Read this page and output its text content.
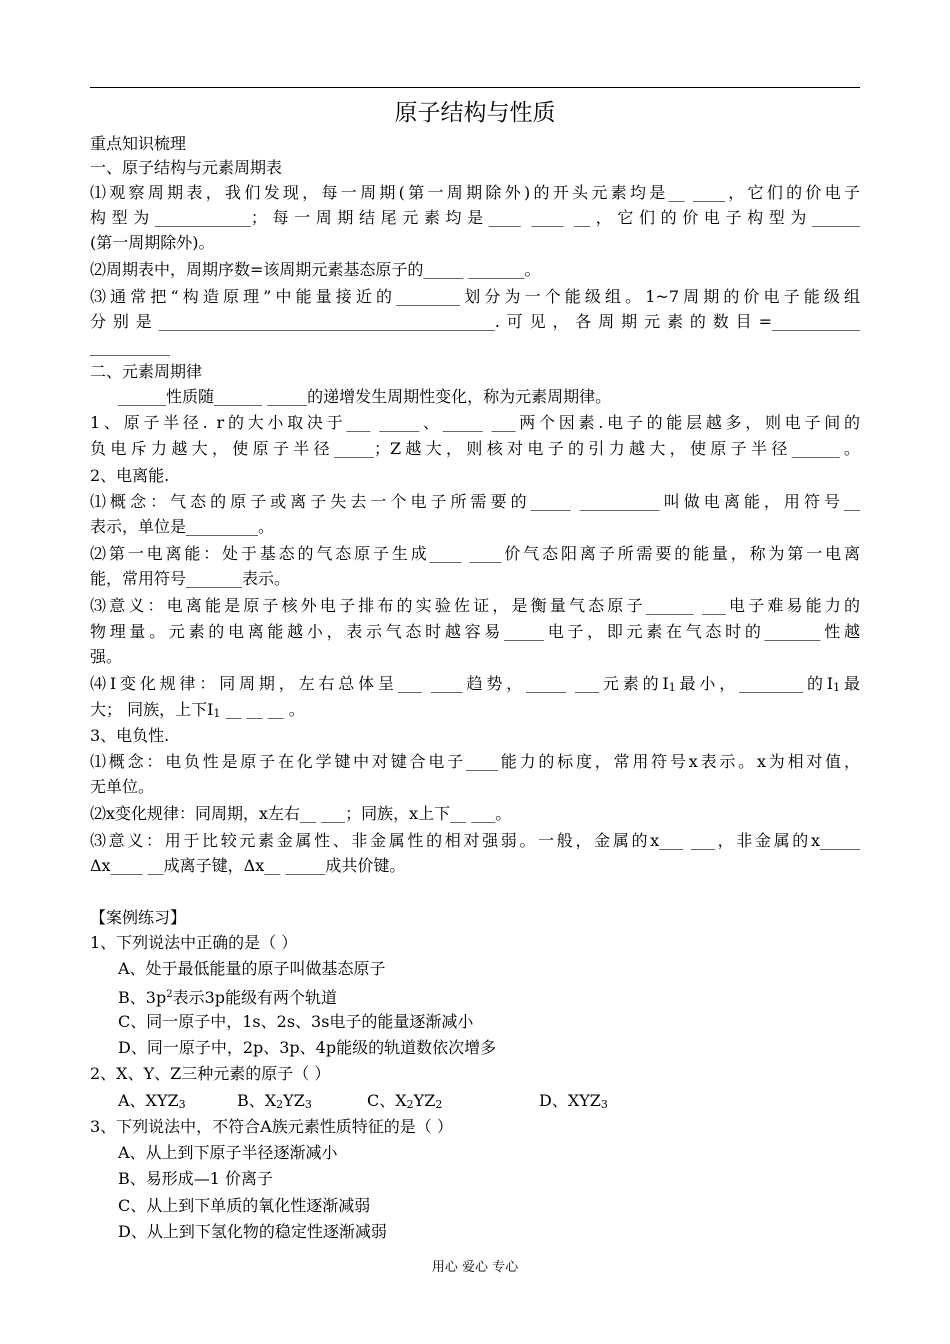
原子结构与性质
重点知识梳理
一、原子结构与元素周期表
⑴观察周期表，我们发现，每一周期(第一周期除外)的开头元素均是__ ____，它们的价电子
构型为____________；每一周期结尾元素均是____ ____ __，它们的价电子构型为______
(第一周期除外)。
⑵周期表中，周期序数=该周期元素基态原子的_____ _______。
⑶通常把“构造原理”中能量接近的________划分为一个能级组。1~7周期的价电子能级组
分别是__________________________________________.可见，各周期元素的数目=___________
__________
二、元素周期律
______性质随______ _____的递增发生周期性变化，称为元素周期律。
1、原子半径. r的大小取决于___ _____、_____ ___两个因素.电子的能层越多，则电子间的
负电斥力越大，使原子半径_____；Z越大，则核对电子的引力越大，使原子半径______。
2、电离能.
⑴概念：气态的原子或离子失去一个电子所需要的_____ __________叫做电离能，用符号__
表示，单位是_________。
⑵第一电离能：处于基态的气态原子生成____ ____价气态阳离子所需要的能量，称为第一电离
能，常用符号_______表示。
⑶意义：电离能是原子核外电子排布的实验佐证，是衡量气态原子______ ___电子难易能力的
物理量。元素的电离能越小，表示气态时越容易_____电子，即元素在气态时的_______性越
强。
⑷I变化规律：同周期，左右总体呈___ ____趋势，_____ ___元素的I1最小，________的I1最
大； 同族，上下I1 __ __ __ 。
3、电负性.
⑴概念：电负性是原子在化学键中对键合电子____能力的标度，常用符号x表示。x为相对值，
无单位。
⑵x变化规律：同周期，x左右__ ___；同族，x上下__ ___。
⑶意义：用于比较元素金属性、非金属性的相对强弱。一般，金属的x___ ___，非金属的x_____
Δx____ __成离子键，Δx__ _____成共价键。
【案例练习】
1、下列说法中正确的是（ ）
A、处于最低能量的原子叫做基态原子
B、$3p^2$表示3p能级有两个轨道
C、同一原子中，1s、2s、3s电子的能量逐渐减小
D、同一原子中，2p、3p、4p能级的轨道数依次增多
2、X、Y、Z三种元素的原子（ ）
A、XYZ3	B、X2YZ3	C、X2YZ2	D、XYZ3
3、下列说法中，不符合A族元素性质特征的是（ ）
A、从上到下原子半径逐渐减小
B、易形成—1 价离子
C、从上到下单质的氧化性逐渐减弱
D、从上到下氢化物的稳定性逐渐减弱
用心 爱心 专心
